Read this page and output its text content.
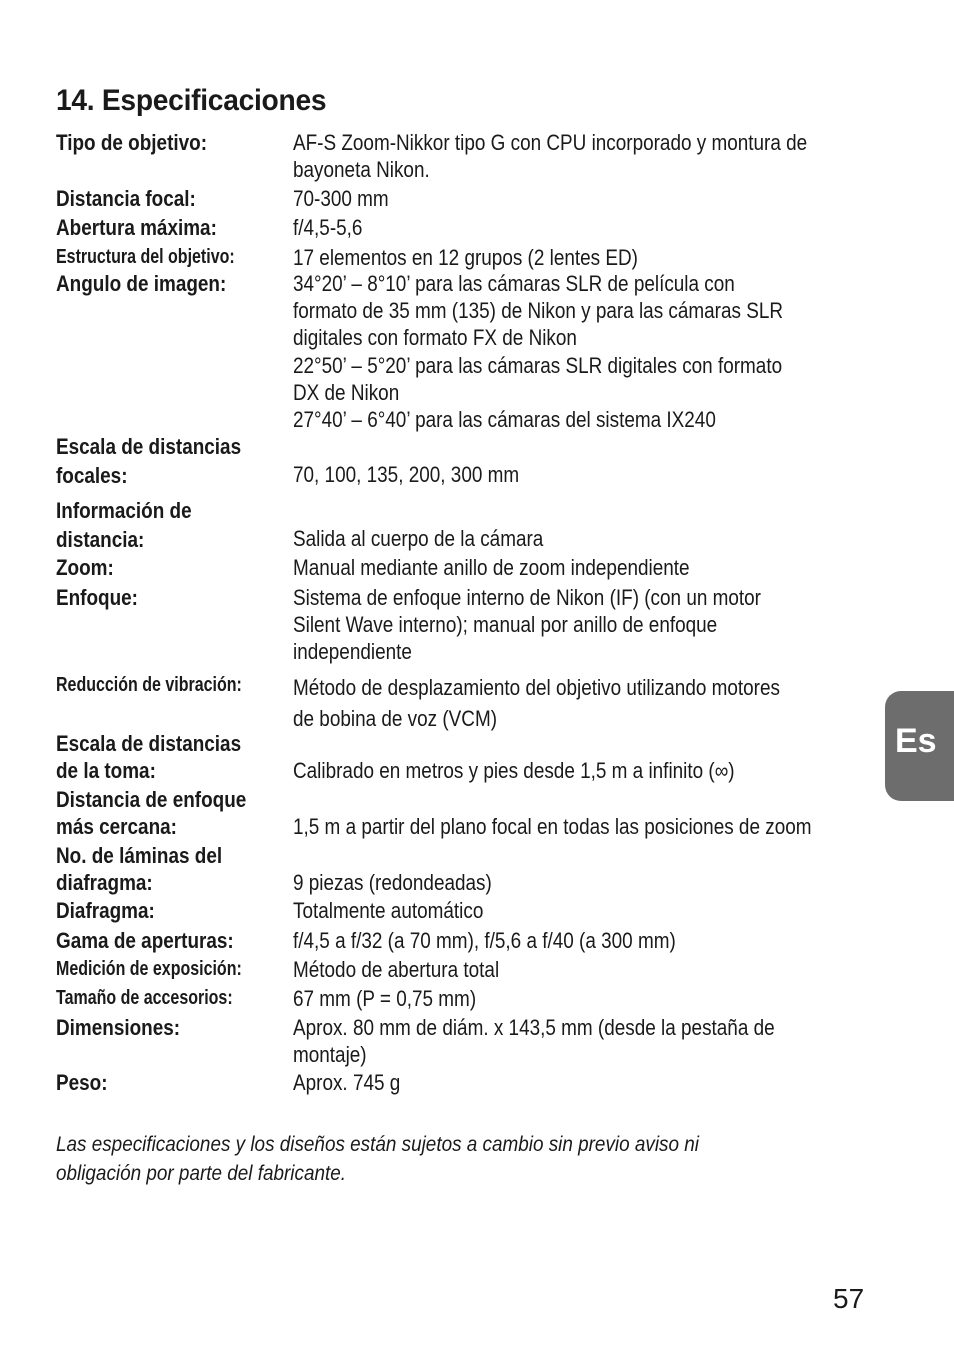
14. Especificaciones
Tipo de objetivo:	AF-S Zoom-Nikkor tipo G con CPU incorporado y montura de
bayoneta Nikon.
Distancia focal:	70-300 mm
Abertura máxima:	f/4,5-5,6
Estructura del objetivo:	17 elementos en 12 grupos (2 lentes ED)
Angulo de imagen:	34°20’ – 8°10’ para las cámaras SLR de película con
formato de 35 mm (135) de Nikon y para las cámaras SLR
digitales con formato FX de Nikon
22°50’ – 5°20’ para las cámaras SLR digitales con formato
DX de Nikon
27°40’ – 6°40’ para las cámaras del sistema IX240
Escala de distancias
focales:	70, 100, 135, 200, 300 mm
Información de
distancia:	Salida al cuerpo de la cámara
Zoom:	Manual mediante anillo de zoom independiente
Enfoque:	Sistema de enfoque interno de Nikon (IF) (con un motor
Silent Wave interno); manual por anillo de enfoque
independiente
Reducción de vibración: Método de desplazamiento del objetivo utilizando motores
de bobina de voz (VCM)
Escala de distancias
de la toma:	Calibrado en metros y pies desde 1,5 m a infinito (∞)
Distancia de enfoque
más cercana:	1,5 m a partir del plano focal en todas las posiciones de zoom
No. de láminas del
diafragma:	9 piezas (redondeadas)
Diafragma:	Totalmente automático
Gama de aperturas:	f/4,5 a f/32 (a 70 mm), f/5,6 a f/40 (a 300 mm)
Medición de exposición: Método de abertura total
Tamaño de accesorios:	67 mm (P = 0,75 mm)
Dimensiones:	Aprox. 80 mm de diám. x 143,5 mm (desde la pestaña de
montaje)
Peso:	Aprox. 745 g
Las especificaciones y los diseños están sujetos a cambio sin previo aviso ni
obligación por parte del fabricante.
Es
57
